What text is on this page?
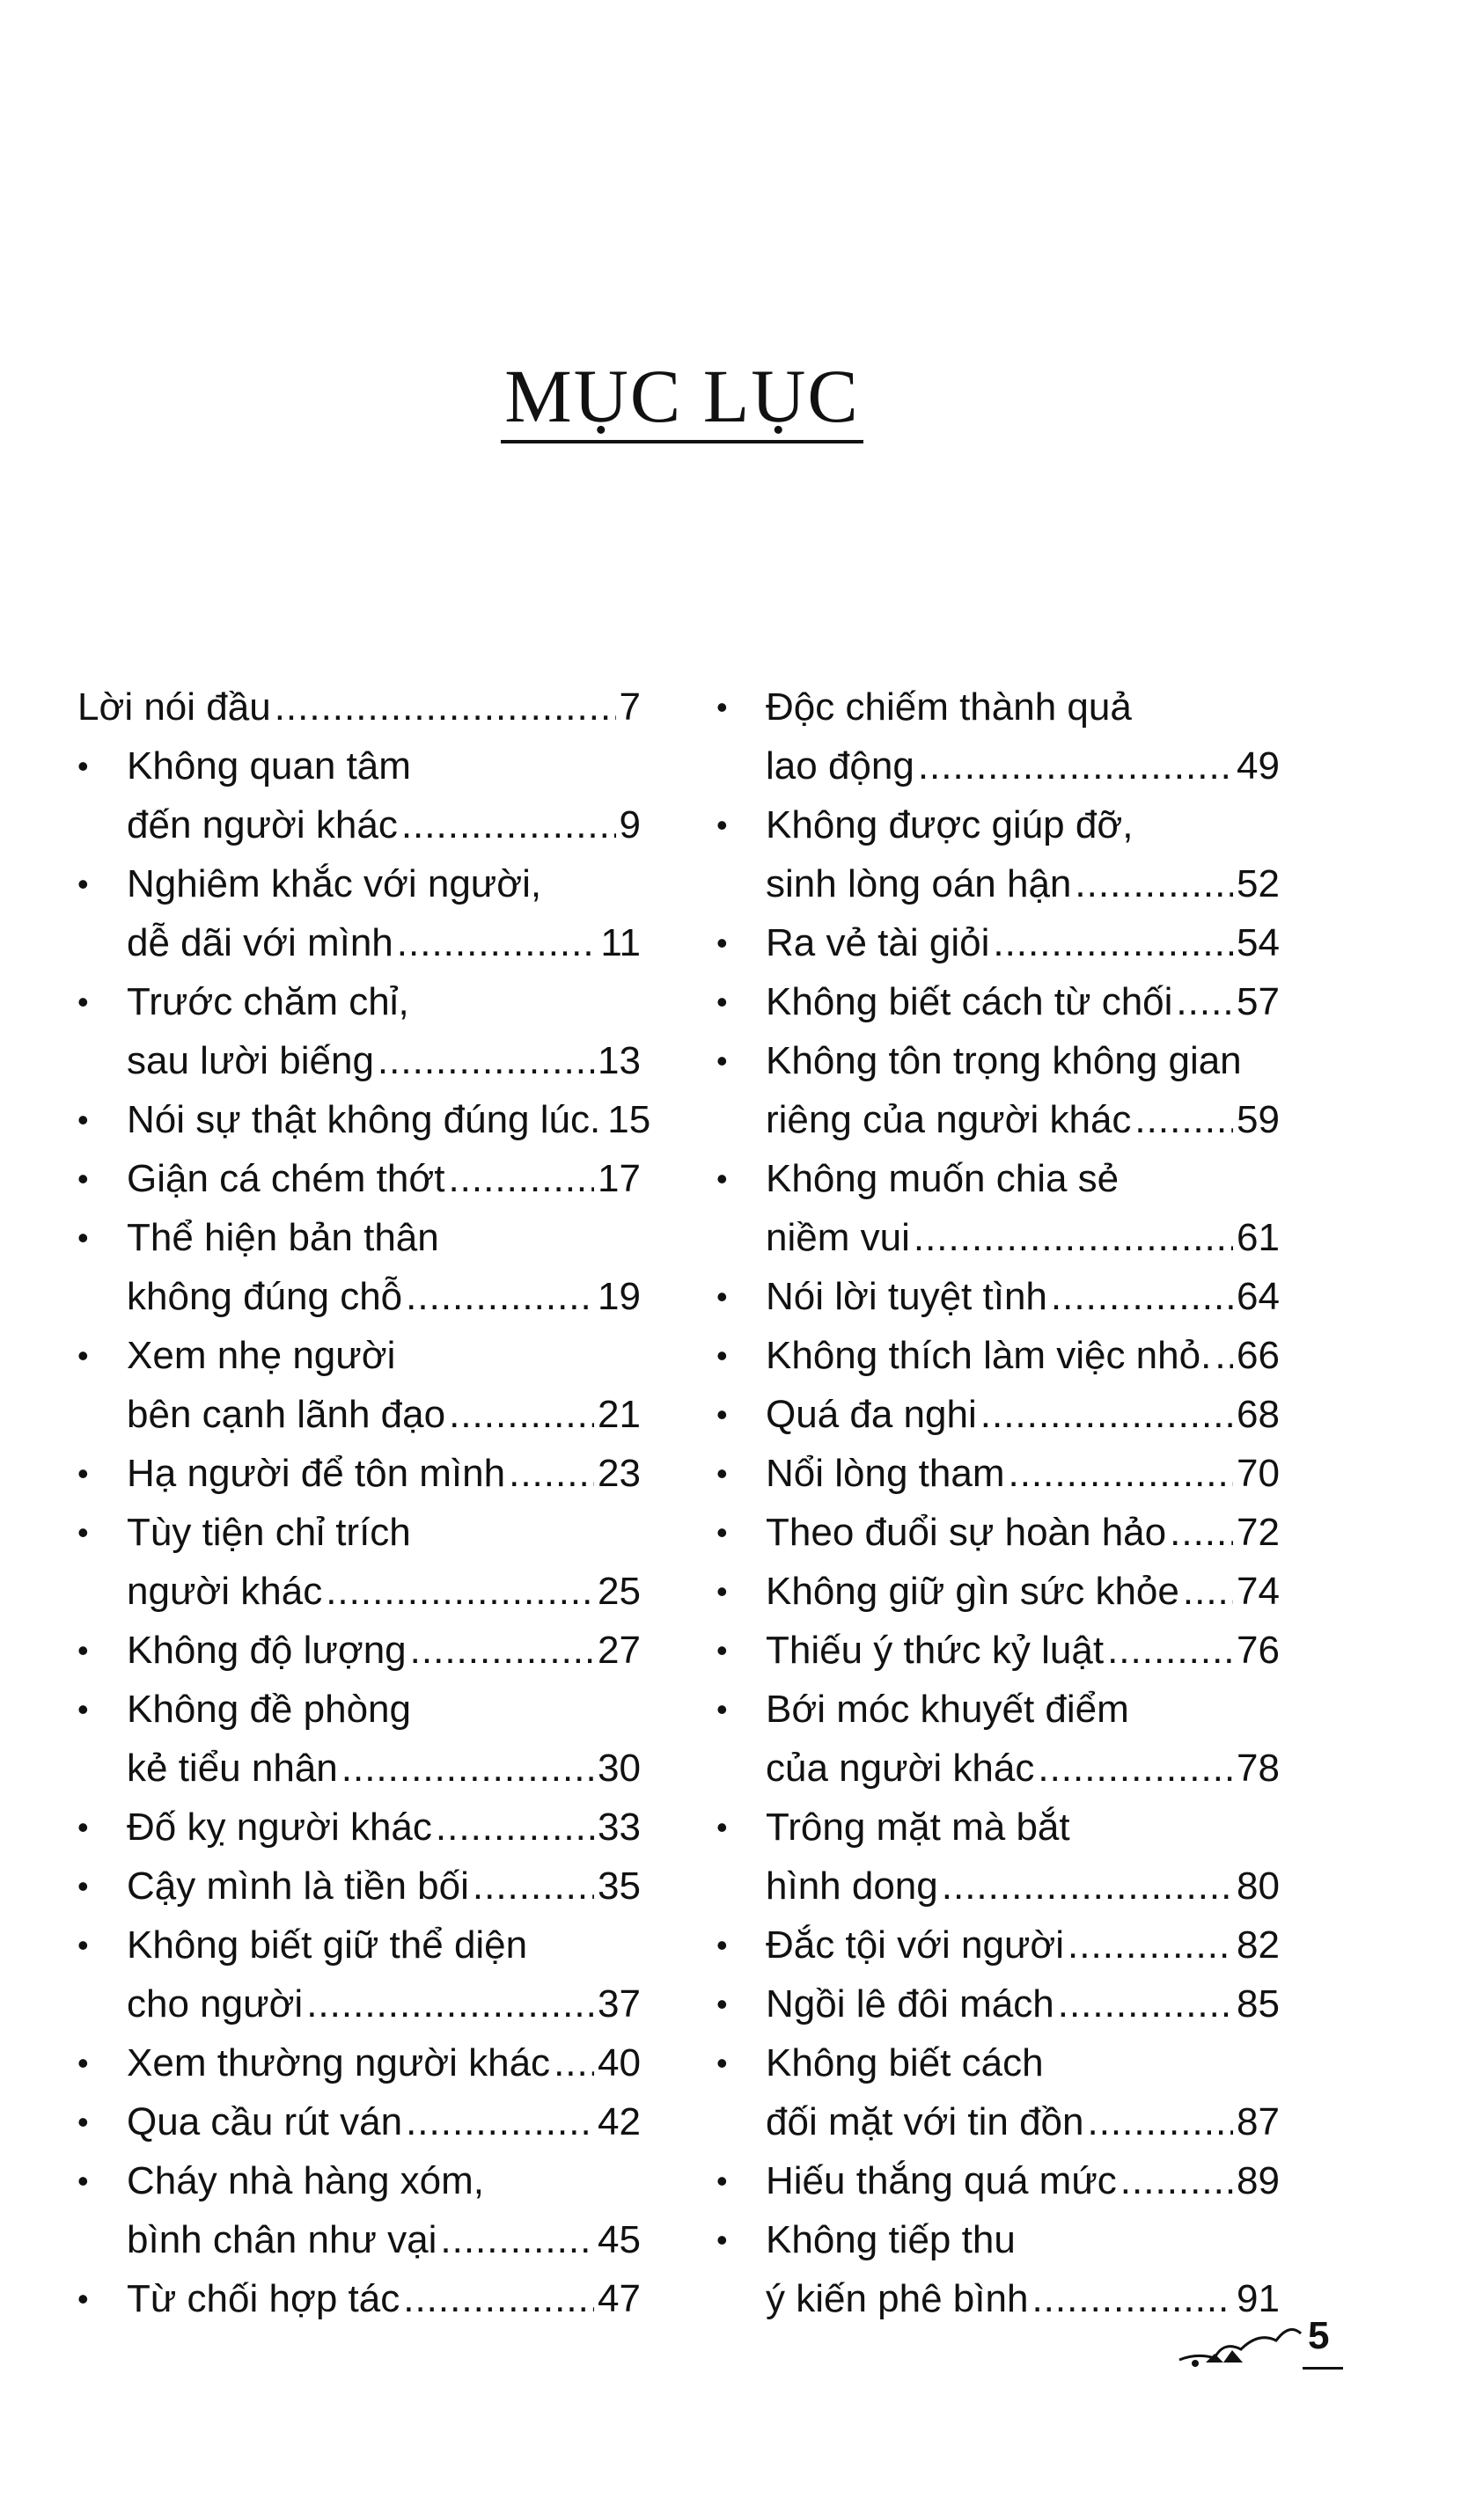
MỤC LỤC
Lời nói đầu .....	7
• Không quan tâm
đến người khác .....	9
• Nghiêm khắc với người,
dễ dãi với mình .....	11
• Trước chăm chỉ,
sau lười biếng .....	13
• Nói sự thật không đúng lúc. 15
• Giận cá chém thớt .....	17
• Thể hiện bản thân
không đúng chỗ .....	19
• Xem nhẹ người
bên cạnh lãnh đạo .....	21
• Hạ người để tôn mình ..... 23
• Tùy tiện chỉ trích
người khác .....	25
• Không độ lượng .....	27
• Không đề phòng
kẻ tiểu nhân .....	30
• Đố kỵ người khác .....	33
• Cậy mình là tiền bối .....	35
• Không biết giữ thể diện
cho người .....	37
• Xem thường người khác ..... 40
• Qua cầu rút ván .....	42
• Cháy nhà hàng xóm,
bình chân như vại .....	45
• Từ chối hợp tác .....	47
• Độc chiếm thành quả
lao động .....	49
• Không được giúp đỡ,
sinh lòng oán hận .....	52
• Ra vẻ tài giỏi .....	54
• Không biết cách từ chối ..... 57
• Không tôn trọng không gian
riêng của người khác .....	59
• Không muốn chia sẻ
niềm vui .....	61
• Nói lời tuyệt tình .....	64
• Không thích làm việc nhỏ. ..... 66
• Quá đa nghi .....	68
• Nổi lòng tham .....	70
• Theo đuổi sự hoàn hảo ..... 72
• Không giữ gìn sức khỏe ..... 74
• Thiếu ý thức kỷ luật .....	76
• Bới móc khuyết điểm
của người khác .....	78
• Trông mặt mà bắt
hình dong .....	80
• Đắc tội với người .....	82
• Ngồi lê đôi mách .....	85
• Không biết cách
đối mặt với tin đồn .....	87
• Hiếu thắng quá mức .....	89
• Không tiếp thu
ý kiến phê bình .....	91
5
